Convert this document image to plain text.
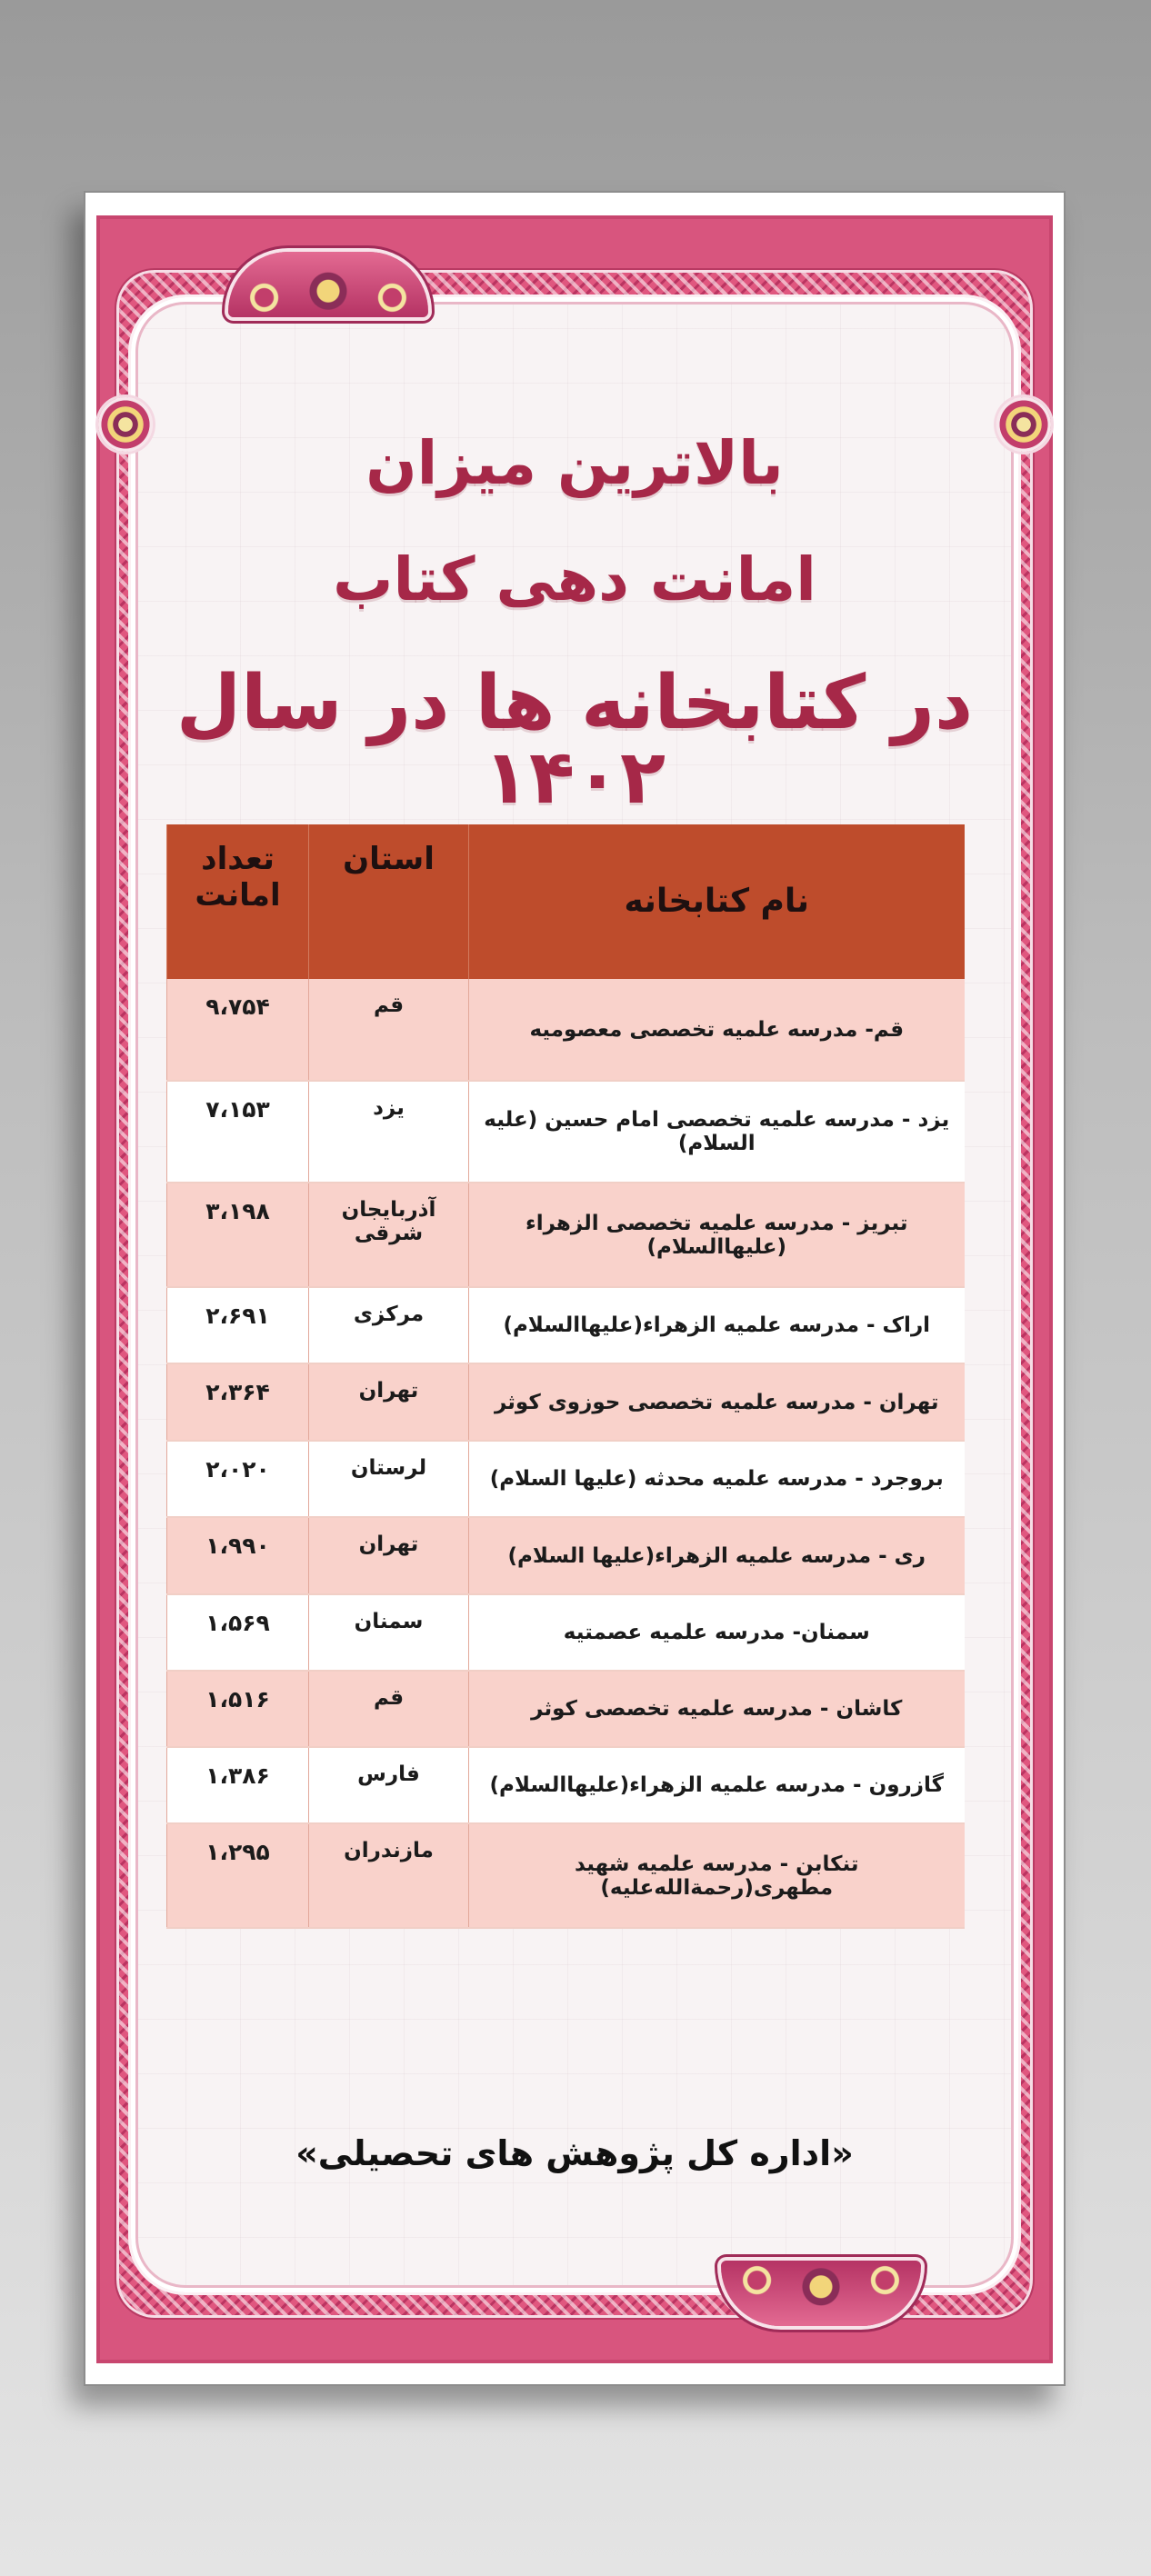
بالاترین میزان
امانت دهی کتاب
در کتابخانه ها در سال ۱۴۰۲
نام کتابخانه	استان	تعداد امانت
قم- مدرسه علمیه تخصصی معصومیه	قم	۹،۷۵۴
یزد - مدرسه علمیه تخصصی امام حسین (علیه السلام)	یزد	۷،۱۵۳
تبریز - مدرسه علمیه تخصصی الزهراء (علیهاالسلام)	آذربایجان شرقی	۳،۱۹۸
اراک - مدرسه علمیه الزهراء(علیهاالسلام)	مرکزی	۲،۶۹۱
تهران - مدرسه علمیه تخصصی حوزوی کوثر	تهران	۲،۳۶۴
بروجرد - مدرسه علمیه محدثه (علیها السلام)	لرستان	۲،۰۲۰
ری - مدرسه علمیه الزهراء(علیها السلام)	تهران	۱،۹۹۰
سمنان- مدرسه علمیه عصمتیه	سمنان	۱،۵۶۹
کاشان - مدرسه علمیه تخصصی کوثر	قم	۱،۵۱۶
گازرون - مدرسه علمیه الزهراء(علیهاالسلام)	فارس	۱،۳۸۶
تنکابن - مدرسه علمیه شهید مطهری(رحمةالله‌علیه)	مازندران	۱،۲۹۵
«اداره کل پژوهش های تحصیلی»
